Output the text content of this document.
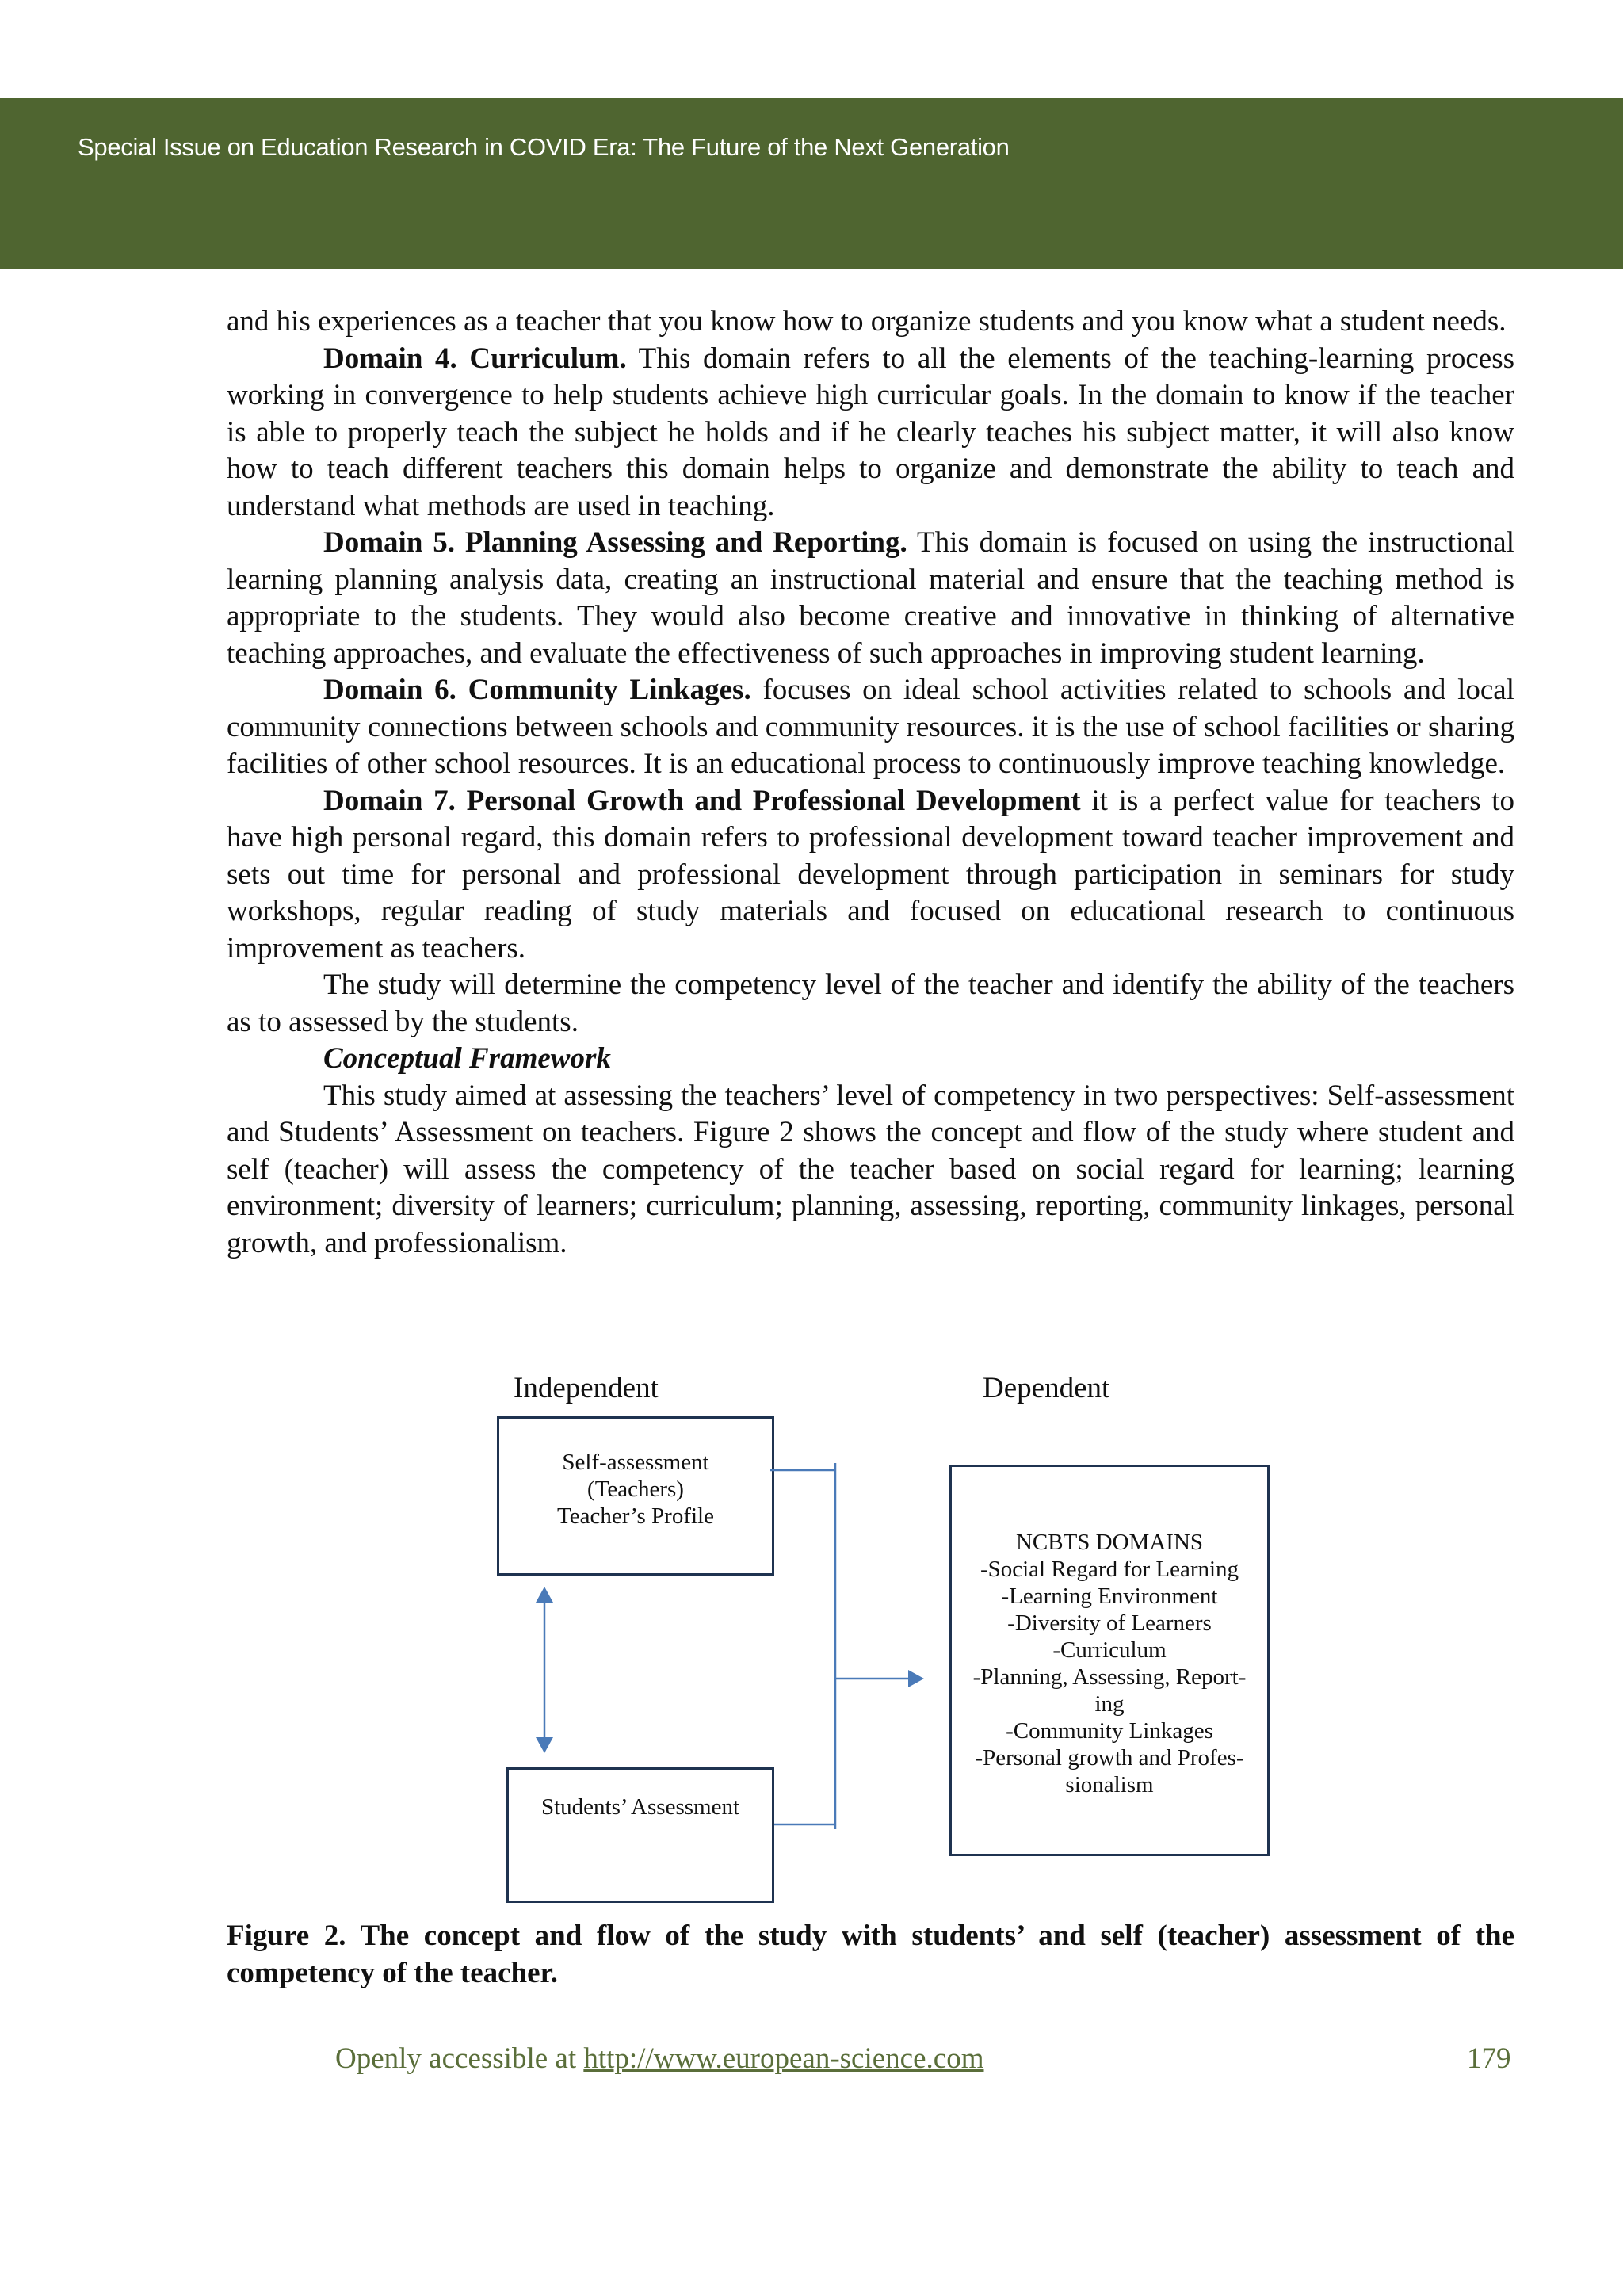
Special Issue on Education Research in COVID Era: The Future of the Next Generation

and his experiences as a teacher that you know how to organize students and you know what a student needs.

Domain 4. Curriculum. This domain refers to all the elements of the teaching-learning process working in convergence to help students achieve high curricular goals. In the domain to know if the teacher is able to properly teach the subject he holds and if he clearly teaches his subject matter, it will also know how to teach different teachers this domain helps to organize and demonstrate the ability to teach and understand what methods are used in teaching.

Domain 5. Planning Assessing and Reporting. This domain is focused on using the instructional learning planning analysis data, creating an instructional material and ensure that the teaching method is appropriate to the students. They would also become creative and innovative in thinking of alternative teaching approaches, and evaluate the effectiveness of such approaches in improving student learning.

Domain 6. Community Linkages. focuses on ideal school activities related to schools and local community connections between schools and community resources. it is the use of school facilities or sharing facilities of other school resources. It is an educational process to continuously improve teaching knowledge.

Domain 7. Personal Growth and Professional Development it is a perfect value for teachers to have high personal regard, this domain refers to professional development toward teacher improvement and sets out time for personal and professional development through participation in seminars for study workshops, regular reading of study materials and focused on educational research to continuous improvement as teachers.

The study will determine the competency level of the teacher and identify the ability of the teachers as to assessed by the students.

Conceptual Framework

This study aimed at assessing the teachers’ level of competency in two perspectives: Self-assessment and Students’ Assessment on teachers. Figure 2 shows the concept and flow of the study where student and self (teacher) will assess the competency of the teacher based on social regard for learning; learning environment; diversity of learners; curriculum; planning, assessing, reporting, community linkages, personal growth, and professionalism.

Independent	Dependent
Self-assessment
(Teachers)
Teacher’s Profile
Students’ Assessment
NCBTS DOMAINS
-Social Regard for Learning
-Learning Environment
-Diversity of Learners
-Curriculum
-Planning, Assessing, Report-
ing
-Community Linkages
-Personal growth and Profes-
sionalism
Figure 2. The concept and flow of the study with students’ and self (teacher) assessment of the competency of the teacher.
Openly accessible at http://www.european-science.com	179
